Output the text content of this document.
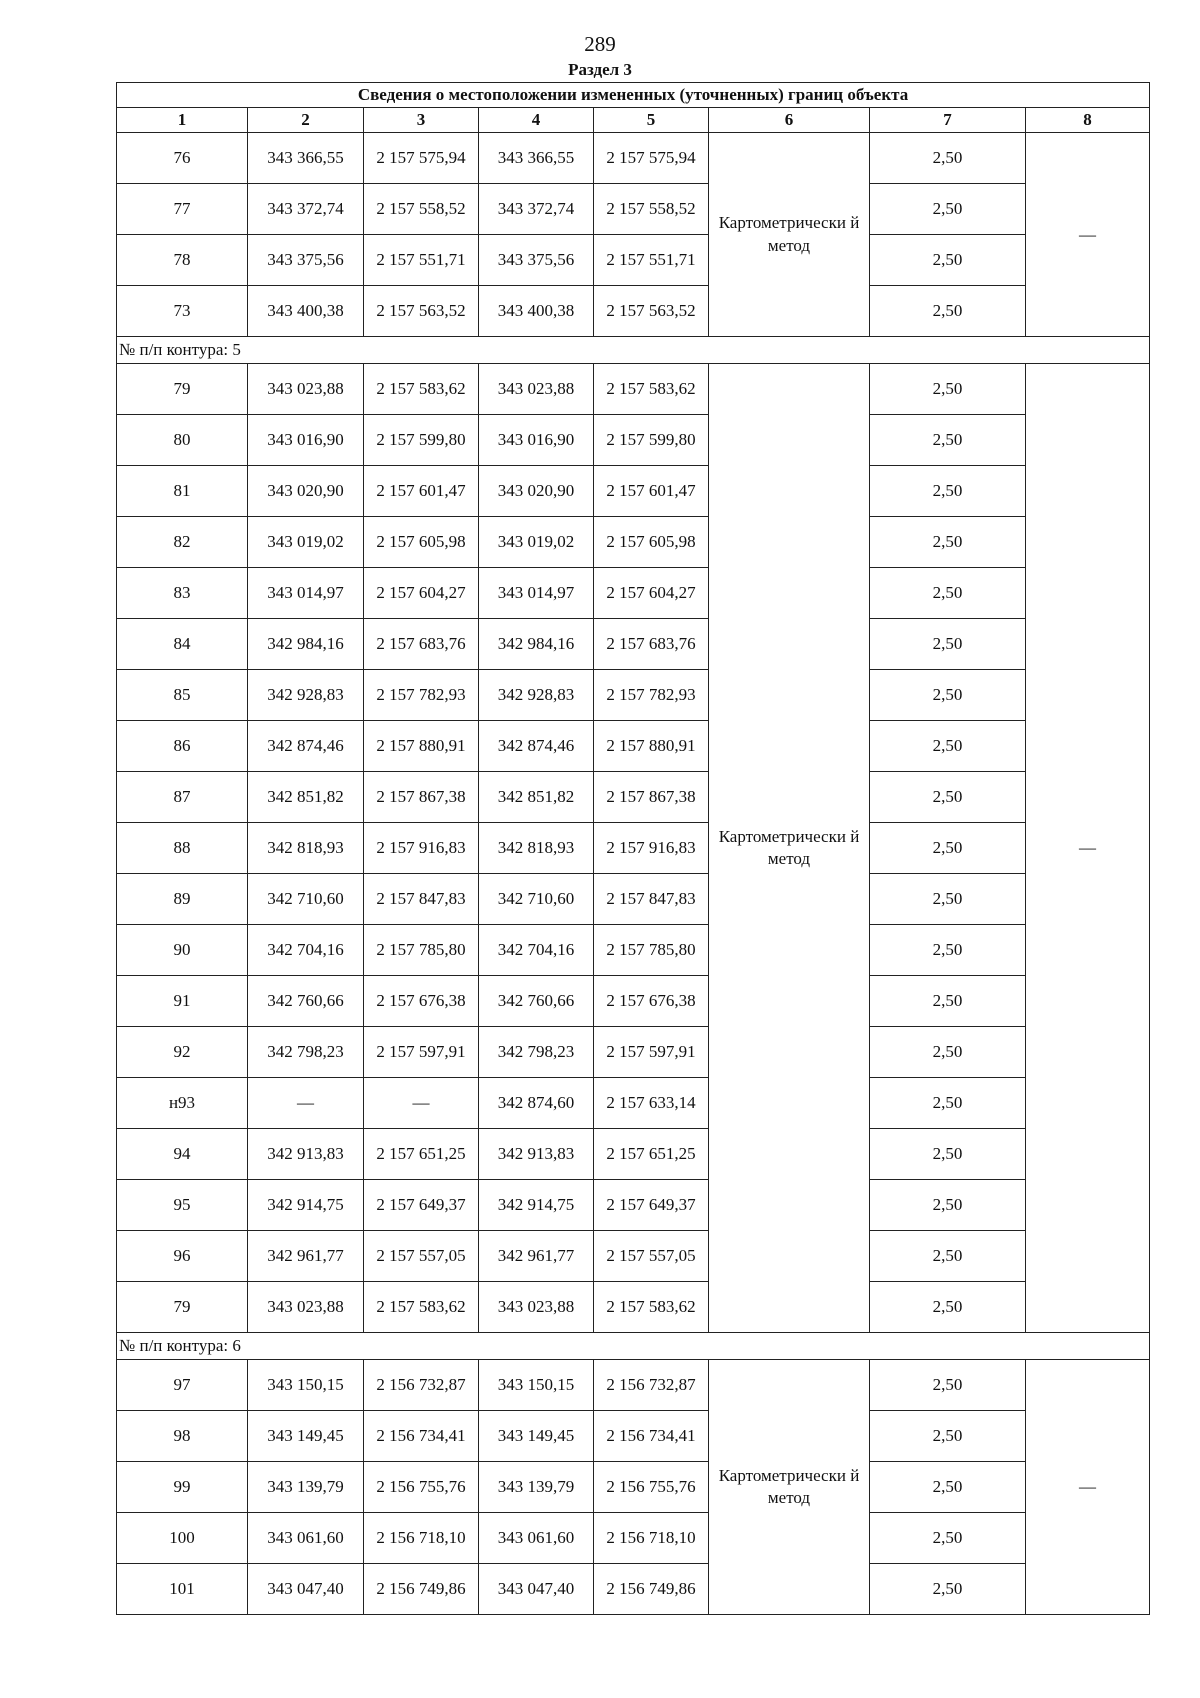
289
Раздел 3
Сведения о местоположении измененных (уточненных) границ объекта							
1	2	3	4	5	6	7	8
76	343 366,55	2 157 575,94	343 366,55	2 157 575,94	Картометрически й метод	2,50	—
77	343 372,74	2 157 558,52	343 372,74	2 157 558,52		2,50	
78	343 375,56	2 157 551,71	343 375,56	2 157 551,71		2,50	
73	343 400,38	2 157 563,52	343 400,38	2 157 563,52		2,50	
№ п/п контура: 5							
79	343 023,88	2 157 583,62	343 023,88	2 157 583,62	Картометрически й метод	2,50	—
80	343 016,90	2 157 599,80	343 016,90	2 157 599,80		2,50	
81	343 020,90	2 157 601,47	343 020,90	2 157 601,47		2,50	
82	343 019,02	2 157 605,98	343 019,02	2 157 605,98		2,50	
83	343 014,97	2 157 604,27	343 014,97	2 157 604,27		2,50	
84	342 984,16	2 157 683,76	342 984,16	2 157 683,76		2,50	
85	342 928,83	2 157 782,93	342 928,83	2 157 782,93		2,50	
86	342 874,46	2 157 880,91	342 874,46	2 157 880,91		2,50	
87	342 851,82	2 157 867,38	342 851,82	2 157 867,38		2,50	
88	342 818,93	2 157 916,83	342 818,93	2 157 916,83		2,50	
89	342 710,60	2 157 847,83	342 710,60	2 157 847,83		2,50	
90	342 704,16	2 157 785,80	342 704,16	2 157 785,80		2,50	
91	342 760,66	2 157 676,38	342 760,66	2 157 676,38		2,50	
92	342 798,23	2 157 597,91	342 798,23	2 157 597,91		2,50	
н93	—	—	342 874,60	2 157 633,14		2,50	
94	342 913,83	2 157 651,25	342 913,83	2 157 651,25		2,50	
95	342 914,75	2 157 649,37	342 914,75	2 157 649,37		2,50	
96	342 961,77	2 157 557,05	342 961,77	2 157 557,05		2,50	
79	343 023,88	2 157 583,62	343 023,88	2 157 583,62		2,50	
№ п/п контура: 6							
97	343 150,15	2 156 732,87	343 150,15	2 156 732,87	Картометрически й метод	2,50	—
98	343 149,45	2 156 734,41	343 149,45	2 156 734,41		2,50	
99	343 139,79	2 156 755,76	343 139,79	2 156 755,76		2,50	
100	343 061,60	2 156 718,10	343 061,60	2 156 718,10		2,50	
101	343 047,40	2 156 749,86	343 047,40	2 156 749,86		2,50	
